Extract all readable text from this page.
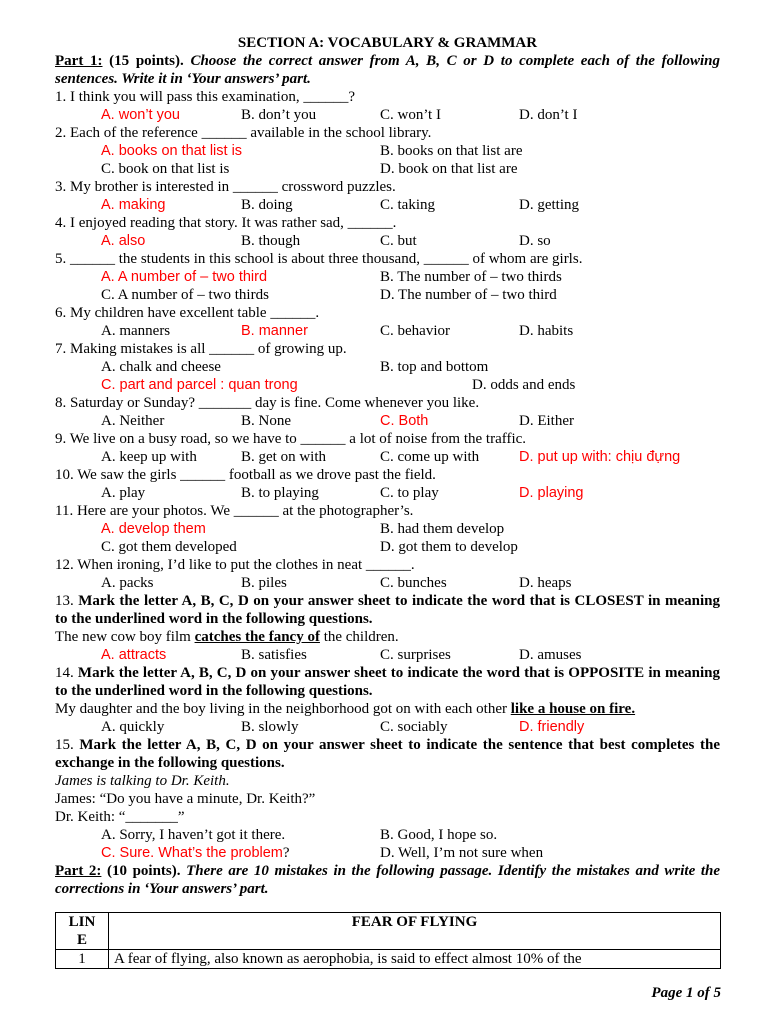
SECTION A: VOCABULARY & GRAMMAR
Part 1: (15 points). Choose the correct answer from A, B, C or D to complete each of the following sentences. Write it in ‘Your answers’ part.
1. I think you will pass this examination, ______?
A. won’t you	B. don’t you	C. won’t I	D. don’t I
2. Each of the reference ______ available in the school library.
A. books on that list is	B. books on that list are
C. book on that list is	D. book on that list are
3. My brother is interested in ______ crossword puzzles.
A. making	B. doing	C. taking	D. getting
4. I enjoyed reading that story. It was rather sad, ______.
A. also	B. though	C. but	D. so
5. ______ the students in this school is about three thousand, ______ of whom are girls.
A. A number of – two third	B. The number of – two thirds
C. A number of – two thirds	D. The number of – two third
6. My children have excellent table ______.
A. manners	B. manner	C. behavior	D. habits
7. Making mistakes is all ______ of growing up.
A. chalk and cheese	B. top and bottom
C. part and parcel : quan trong	D. odds and ends
8. Saturday or Sunday? _______ day is fine. Come whenever you like.
A. Neither	B. None	C. Both	D. Either
9. We live on a busy road, so we have to ______ a lot of noise from the traffic.
A. keep up with	B. get on with	C. come up with	D. put up with: chịu đựng
10. We saw the girls ______ football as we drove past the field.
A. play	B. to playing	C. to play	D. playing
11. Here are your photos. We ______ at the photographer’s.
A. develop them	B. had them develop
C. got them developed	D. got them to develop
12. When ironing, I’d like to put the clothes in neat ______.
A. packs	B. piles	C. bunches	D. heaps
13. Mark the letter A, B, C, D on your answer sheet to indicate the word that is CLOSEST in meaning to the underlined word in the following questions.
The new cow boy film catches the fancy of the children.
A. attracts	B. satisfies	C. surprises	D. amuses
14. Mark the letter A, B, C, D on your answer sheet to indicate the word that is OPPOSITE in meaning to the underlined word in the following questions.
My daughter and the boy living in the neighborhood got on with each other like a house on fire.
A. quickly	B. slowly	C. sociably	D. friendly
15. Mark the letter A, B, C, D on your answer sheet to indicate the sentence that best completes the exchange in the following questions.
James is talking to Dr. Keith.
James: “Do you have a minute, Dr. Keith?”
Dr. Keith: “_______”
A. Sorry, I haven’t got it there.	B. Good, I hope so.
C. Sure. What’s the problem?	D. Well, I’m not sure when
Part 2: (10 points). There are 10 mistakes in the following passage. Identify the mistakes and write the corrections in ‘Your answers’ part.
LINE	FEAR OF FLYING
1	A fear of flying, also known as aerophobia, is said to effect almost 10% of the
Page 1 of 5
